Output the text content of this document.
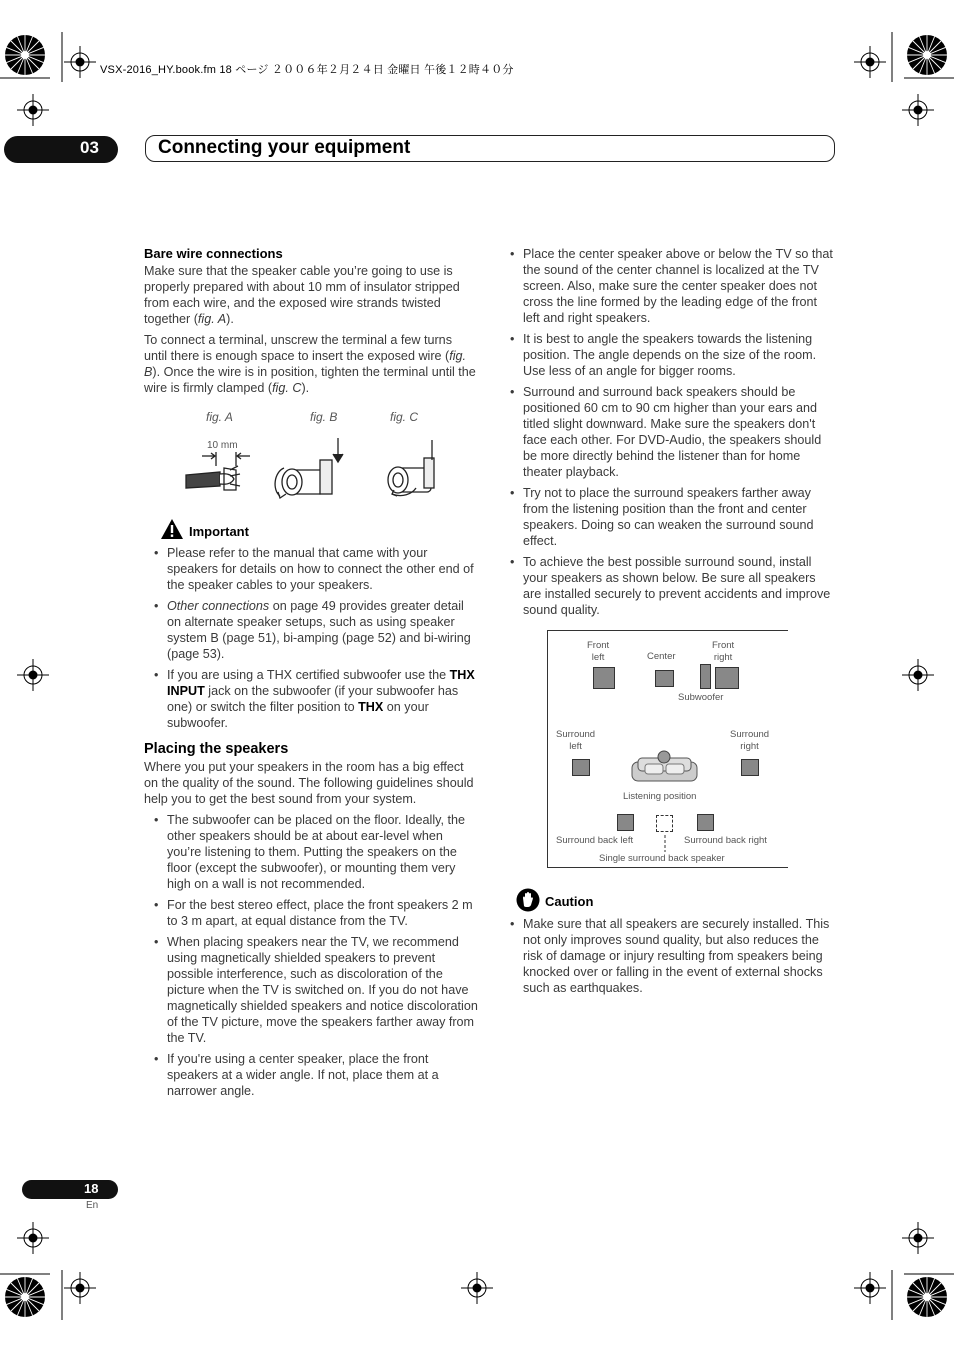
VSX-2016_HY.book.fm 18 ページ ２００６年２月２４日 金曜日 午後１２時４０分
03	Connecting your equipment
Bare wire connections

Make sure that the speaker cable you’re going to use is properly prepared with about 10 mm of insulator stripped from each wire, and the exposed wire strands twisted together (fig. A).

To connect a terminal, unscrew the terminal a few turns until there is enough space to insert the exposed wire (fig. B). Once the wire is in position, tighten the terminal until the wire is firmly clamped (fig. C).

fig. A	fig. B	fig. C
10 mm
Important
• Please refer to the manual that came with your speakers for details on how to connect the other end of the speaker cables to your speakers.
• Other connections on page 49 provides greater detail on alternate speaker setups, such as using speaker system B (page 51), bi-amping (page 52) and bi-wiring (page 53).
• If you are using a THX certified subwoofer use the THX INPUT jack on the subwoofer (if your subwoofer has one) or switch the filter position to THX on your subwoofer.
Placing the speakers

Where you put your speakers in the room has a big effect on the quality of the sound. The following guidelines should help you to get the best sound from your system.

• The subwoofer can be placed on the floor. Ideally, the other speakers should be at about ear-level when you’re listening to them. Putting the speakers on the floor (except the subwoofer), or mounting them very high on a wall is not recommended.
• For the best stereo effect, place the front speakers 2 m to 3 m apart, at equal distance from the TV.
• When placing speakers near the TV, we recommend using magnetically shielded speakers to prevent possible interference, such as discoloration of the picture when the TV is switched on. If you do not have magnetically shielded speakers and notice discoloration of the TV picture, move the speakers farther away from the TV.
• If you're using a center speaker, place the front speakers at a wider angle. If not, place them at a narrower angle.
• Place the center speaker above or below the TV so that the sound of the center channel is localized at the TV screen. Also, make sure the center speaker does not cross the line formed by the leading edge of the front left and right speakers.
• It is best to angle the speakers towards the listening position. The angle depends on the size of the room. Use less of an angle for bigger rooms.
• Surround and surround back speakers should be positioned 60 cm to 90 cm higher than your ears and titled slight downward. Make sure the speakers don't face each other. For DVD-Audio, the speakers should be more directly behind the listener than for home theater playback.
• Try not to place the surround speakers farther away from the listening position than the front and center speakers. Doing so can weaken the surround sound effect.
• To achieve the best possible surround sound, install your speakers as shown below. Be sure all speakers are installed securely to prevent accidents and improve sound quality.
Front
left	Center
Front
right
Subwoofer
Surround
left
Surround
right
Listening position
Surround back left	Surround back right
Single surround back speaker
Caution
• Make sure that all speakers are securely installed. This not only improves sound quality, but also reduces the risk of damage or injury resulting from speakers being knocked over or falling in the event of external shocks such as earthquakes.
18
En
